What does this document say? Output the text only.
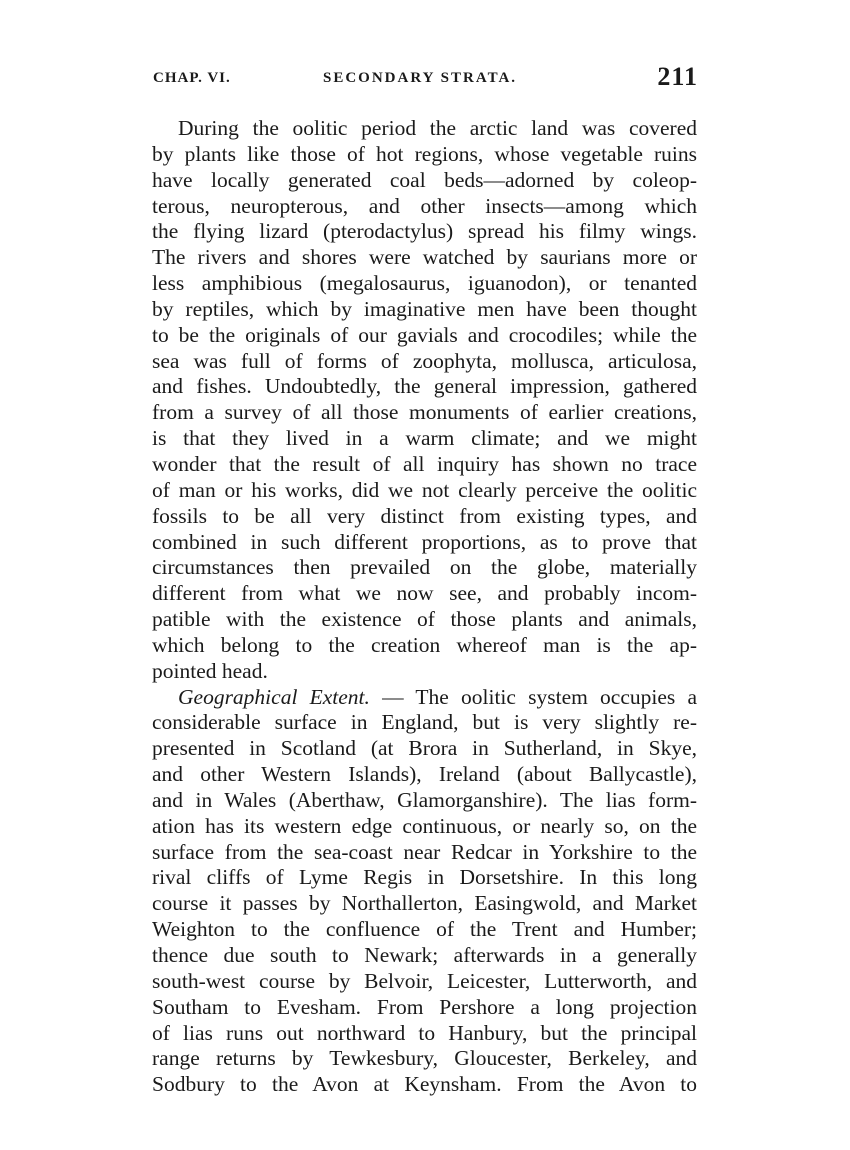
CHAP. VI.	SECONDARY STRATA.	211
During the oolitic period the arctic land was covered
by plants like those of hot regions, whose vegetable ruins
have locally generated coal beds—adorned by coleop-
terous, neuropterous, and other insects—among which
the flying lizard (pterodactylus) spread his filmy wings.
The rivers and shores were watched by saurians more or
less amphibious (megalosaurus, iguanodon), or tenanted
by reptiles, which by imaginative men have been thought
to be the originals of our gavials and crocodiles; while the
sea was full of forms of zoophyta, mollusca, articulosa,
and fishes. Undoubtedly, the general impression, gathered
from a survey of all those monuments of earlier creations,
is that they lived in a warm climate; and we might
wonder that the result of all inquiry has shown no trace
of man or his works, did we not clearly perceive the oolitic
fossils to be all very distinct from existing types, and
combined in such different proportions, as to prove that
circumstances then prevailed on the globe, materially
different from what we now see, and probably incom-
patible with the existence of those plants and animals,
which belong to the creation whereof man is the ap-
pointed head.
Geographical Extent. — The oolitic system occupies a
considerable surface in England, but is very slightly re-
presented in Scotland (at Brora in Sutherland, in Skye,
and other Western Islands), Ireland (about Ballycastle),
and in Wales (Aberthaw, Glamorganshire). The lias form-
ation has its western edge continuous, or nearly so, on the
surface from the sea-coast near Redcar in Yorkshire to the
rival cliffs of Lyme Regis in Dorsetshire. In this long
course it passes by Northallerton, Easingwold, and Market
Weighton to the confluence of the Trent and Humber;
thence due south to Newark; afterwards in a generally
south-west course by Belvoir, Leicester, Lutterworth, and
Southam to Evesham. From Pershore a long projection
of lias runs out northward to Hanbury, but the principal
range returns by Tewkesbury, Gloucester, Berkeley, and
Sodbury to the Avon at Keynsham. From the Avon to
